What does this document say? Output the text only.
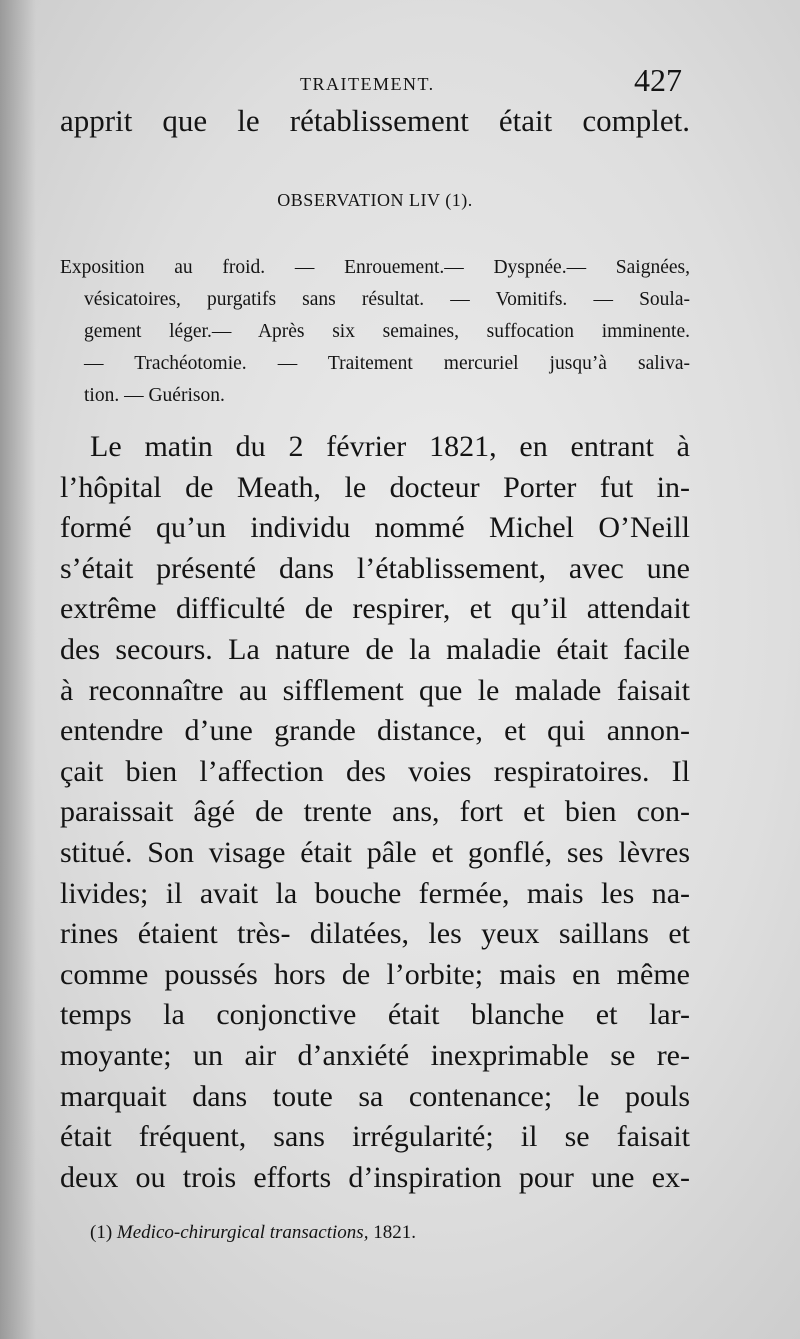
TRAITEMENT.	427
apprit que le rétablissement était complet.
OBSERVATION LIV (1).
Exposition au froid. — Enrouement.— Dyspnée.— Saignées,
vésicatoires, purgatifs sans résultat. — Vomitifs. — Soula-
gement léger.— Après six semaines, suffocation imminente.
— Trachéotomie. — Traitement mercuriel jusqu’à saliva-
tion. — Guérison.
Le matin du 2 février 1821, en entrant à
l’hôpital de Meath, le docteur Porter fut in-
formé qu’un individu nommé Michel O’Neill
s’était présenté dans l’établissement, avec une
extrême difficulté de respirer, et qu’il attendait
des secours. La nature de la maladie était facile
à reconnaître au sifflement que le malade faisait
entendre d’une grande distance, et qui annon-
çait bien l’affection des voies respiratoires. Il
paraissait âgé de trente ans, fort et bien con-
stitué. Son visage était pâle et gonflé, ses lèvres
livides; il avait la bouche fermée, mais les na-
rines étaient très- dilatées, les yeux saillans et
comme poussés hors de l’orbite; mais en même
temps la conjonctive était blanche et lar-
moyante; un air d’anxiété inexprimable se re-
marquait dans toute sa contenance; le pouls
était fréquent, sans irrégularité; il se faisait
deux ou trois efforts d’inspiration pour une ex-
(1) Medico-chirurgical transactions, 1821.
